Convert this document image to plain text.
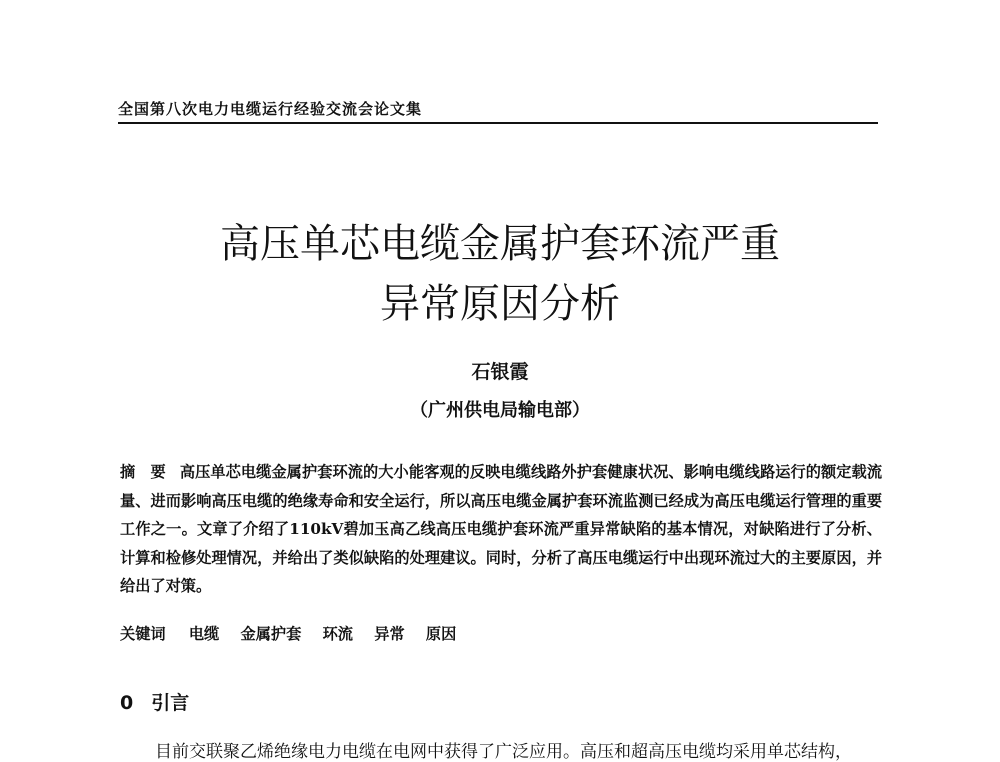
全国第八次电力电缆运行经验交流会论文集
高压单芯电缆金属护套环流严重
异常原因分析
石银霞
（广州供电局输电部）
摘　要 高压单芯电缆金属护套环流的大小能客观的反映电缆线路外护套健康状况、影响电缆线路运行的额定载流量、进而影响高压电缆的绝缘寿命和安全运行，所以高压电缆金属护套环流监测已经成为高压电缆运行管理的重要工作之一。文章了介绍了110kV碧加玉高乙线高压电缆护套环流严重异常缺陷的基本情况，对缺陷进行了分析、计算和检修处理情况，并给出了类似缺陷的处理建议。同时，分析了高压电缆运行中出现环流过大的主要原因，并给出了对策。
关键词 电缆 金属护套 环流 异常 原因
0 引言
目前交联聚乙烯绝缘电力电缆在电网中获得了广泛应用。高压和超高压电缆均采用单芯结构，
